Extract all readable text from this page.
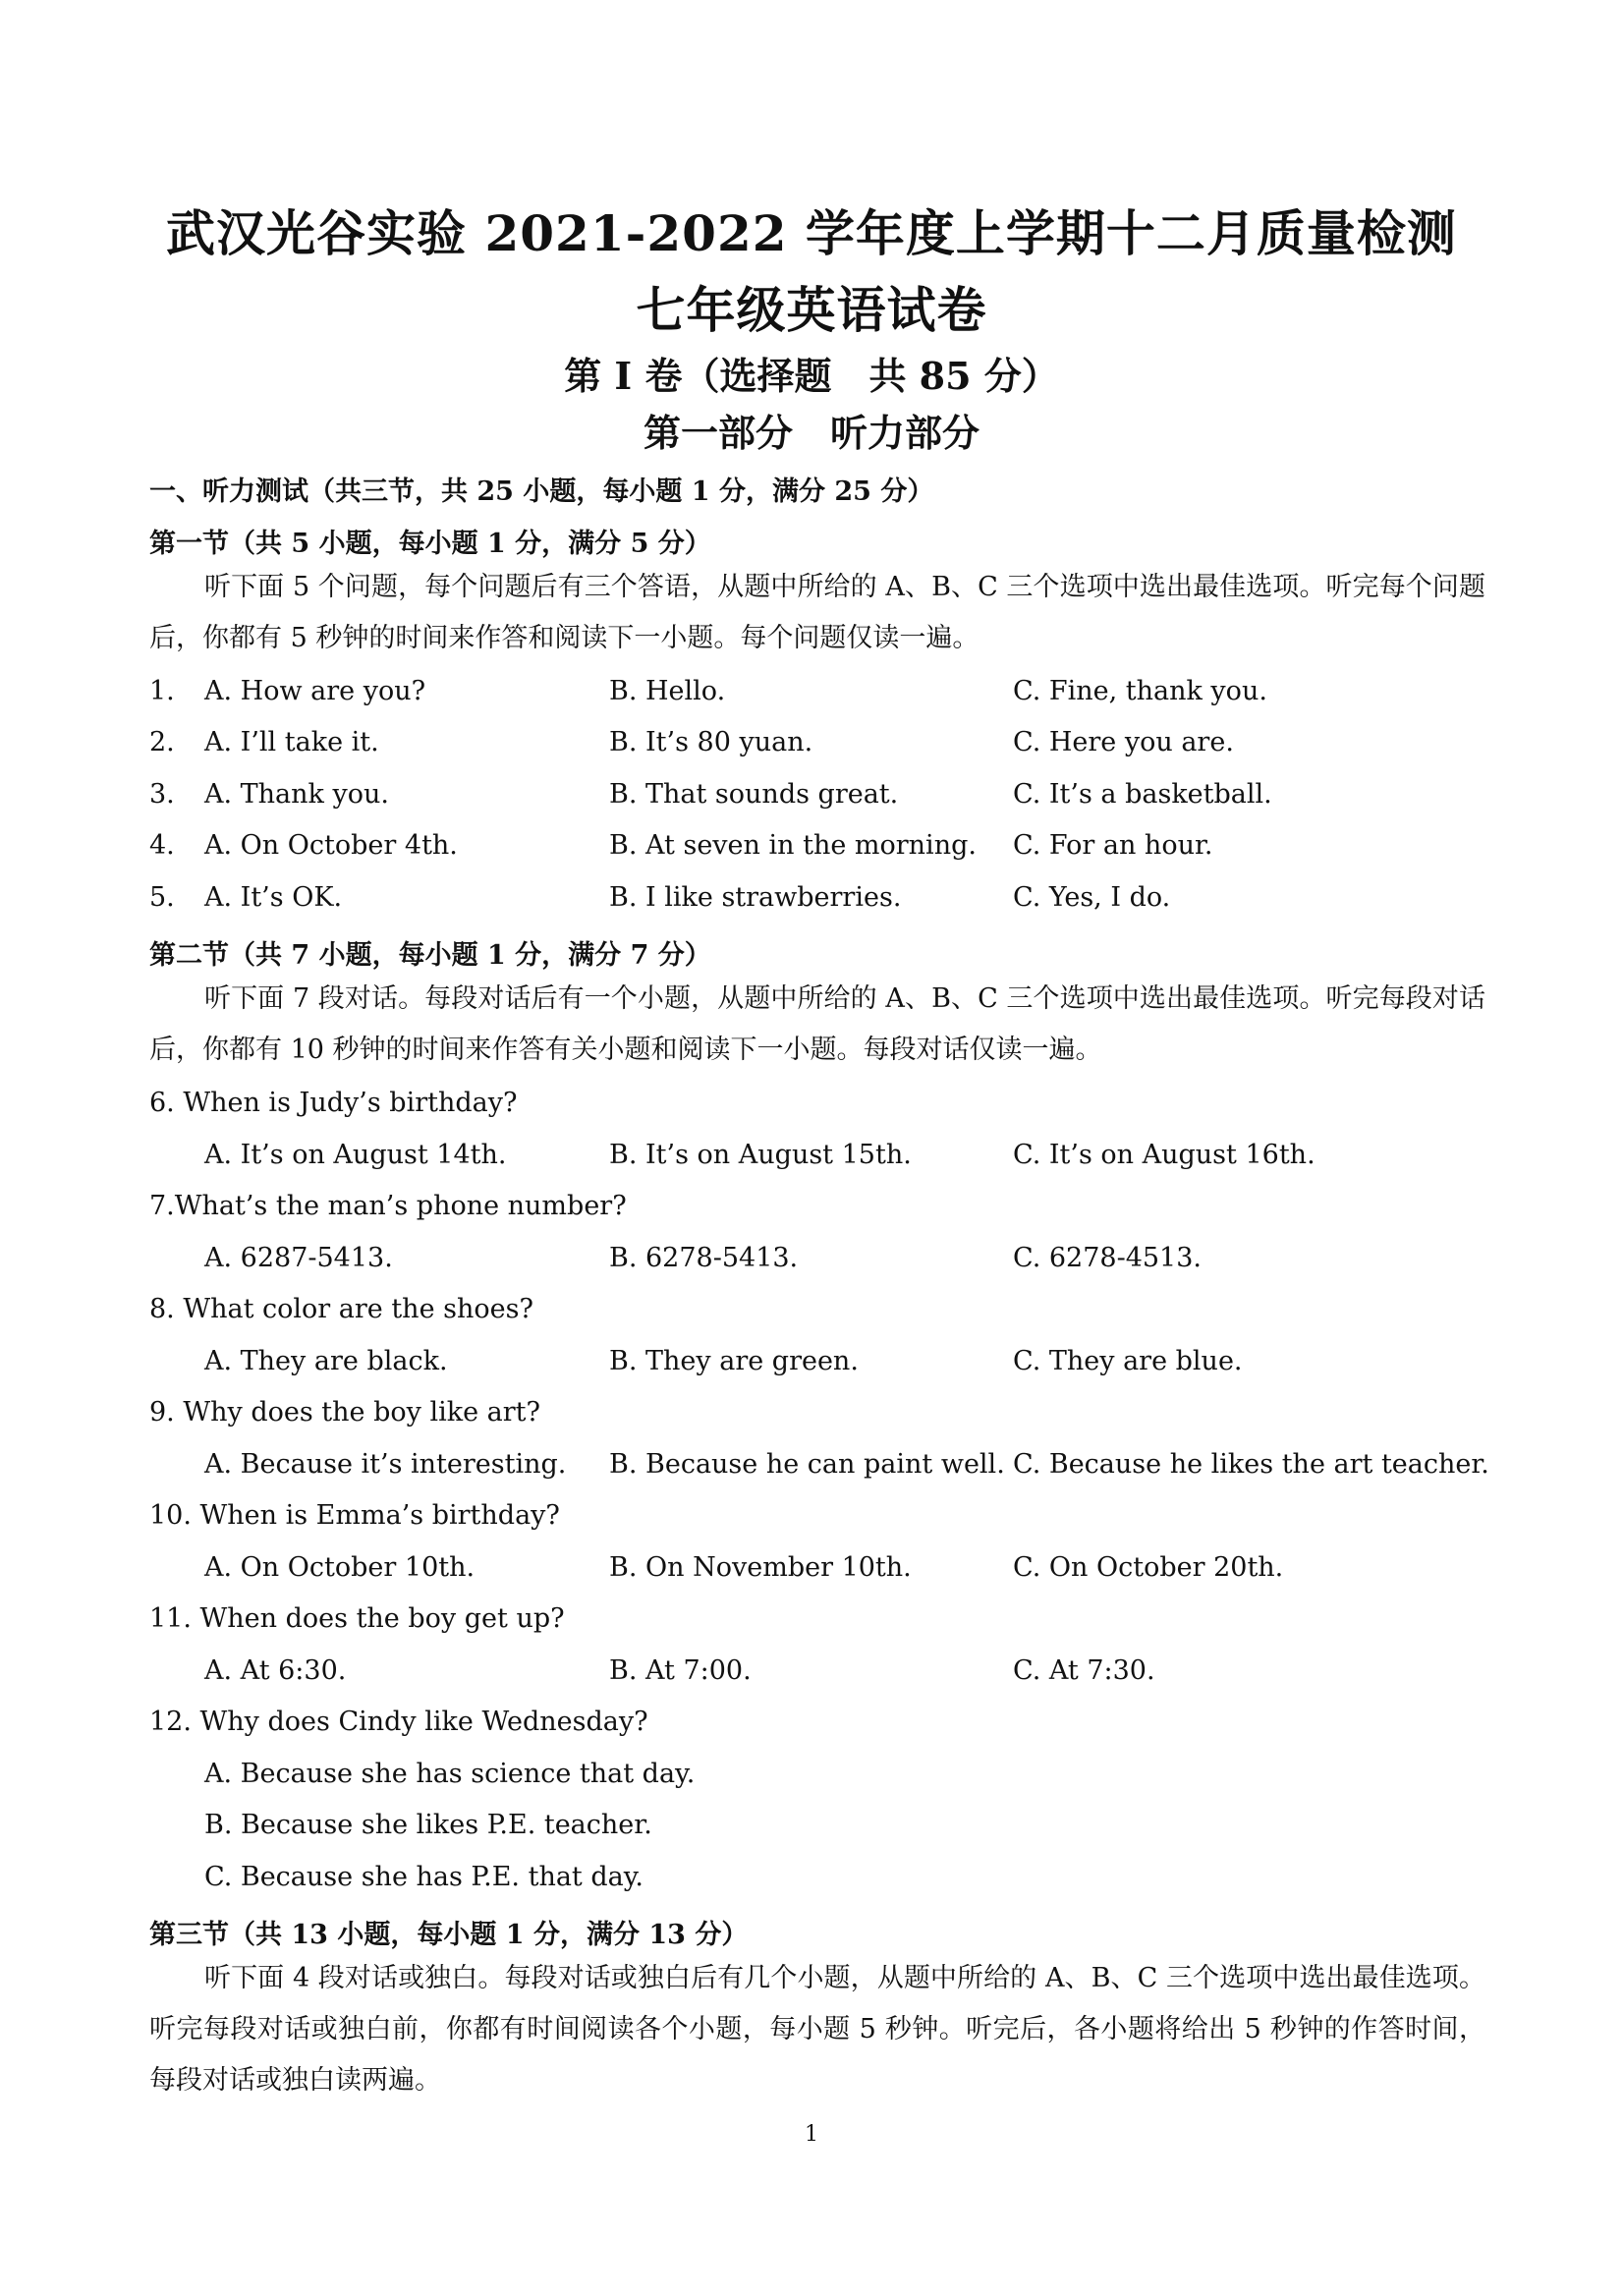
武汉光谷实验 2021-2022 学年度上学期十二月质量检测
七年级英语试卷
第 I 卷（选择题　共 85 分）
第一部分　听力部分
一、听力测试（共三节，共 25 小题，每小题 1 分，满分 25 分）
第一节（共 5 小题，每小题 1 分，满分 5 分）
听下面 5 个问题，每个问题后有三个答语，从题中所给的 A、B、C 三个选项中选出最佳选项。听完每个问题后，你都有 5 秒钟的时间来作答和阅读下一小题。每个问题仅读一遍。
1. A. How are you?	B. Hello.	C. Fine, thank you.
2. A. I’ll take it.	B. It’s 80 yuan.	C. Here you are.
3. A. Thank you.	B. That sounds great.	C. It’s a basketball.
4. A. On October 4th.	B. At seven in the morning. C. For an hour.
5. A. It’s OK.	B. I like strawberries.	C. Yes, I do.
第二节（共 7 小题，每小题 1 分，满分 7 分）
听下面 7 段对话。每段对话后有一个小题，从题中所给的 A、B、C 三个选项中选出最佳选项。听完每段对话后，你都有 10 秒钟的时间来作答有关小题和阅读下一小题。每段对话仅读一遍。
6. When is Judy’s birthday?
A. It’s on August 14th.	B. It’s on August 15th.	C. It’s on August 16th.
7.What’s the man’s phone number?
A. 6287-5413.	B. 6278-5413.	C. 6278-4513.
8. What color are the shoes?
A. They are black.	B. They are green.	C. They are blue.
9. Why does the boy like art?
A. Because it’s interesting. B. Because he can paint well. C. Because he likes the art teacher.
10. When is Emma’s birthday?
A. On October 10th.	B. On November 10th.	C. On October 20th.
11. When does the boy get up?
A. At 6:30.	B. At 7:00.	C. At 7:30.
12. Why does Cindy like Wednesday?
A. Because she has science that day.
B. Because she likes P.E. teacher.
C. Because she has P.E. that day.
第三节（共 13 小题，每小题 1 分，满分 13 分）
听下面 4 段对话或独白。每段对话或独白后有几个小题，从题中所给的 A、B、C 三个选项中选出最佳选项。听完每段对话或独白前，你都有时间阅读各个小题，每小题 5 秒钟。听完后，各小题将给出 5 秒钟的作答时间，每段对话或独白读两遍。
1
